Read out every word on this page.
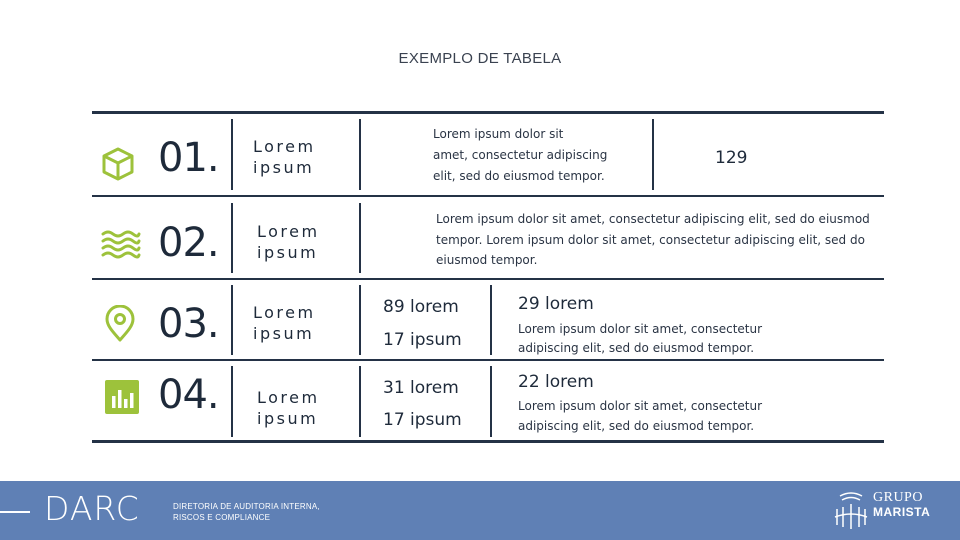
EXEMPLO DE TABELA
01. Lorem ipsum
Lorem ipsum dolor sit
amet, consectetur adipiscing
elit, sed do eiusmod tempor.
129
02. Lorem ipsum
Lorem ipsum dolor sit amet, consectetur adipiscing elit, sed do eiusmod
tempor. Lorem ipsum dolor sit amet, consectetur adipiscing elit, sed do
eiusmod tempor.
03. Lorem ipsum
89 lorem
17 ipsum
29 lorem
Lorem ipsum dolor sit amet, consectetur
adipiscing elit, sed do eiusmod tempor.
04. Lorem ipsum
31 lorem
17 ipsum
22 lorem
Lorem ipsum dolor sit amet, consectetur
adipiscing elit, sed do eiusmod tempor.
DARC	DIRETORIA DE AUDITORIA INTERNA,
RISCOS E COMPLIANCE
GRUPO
MARISTA
